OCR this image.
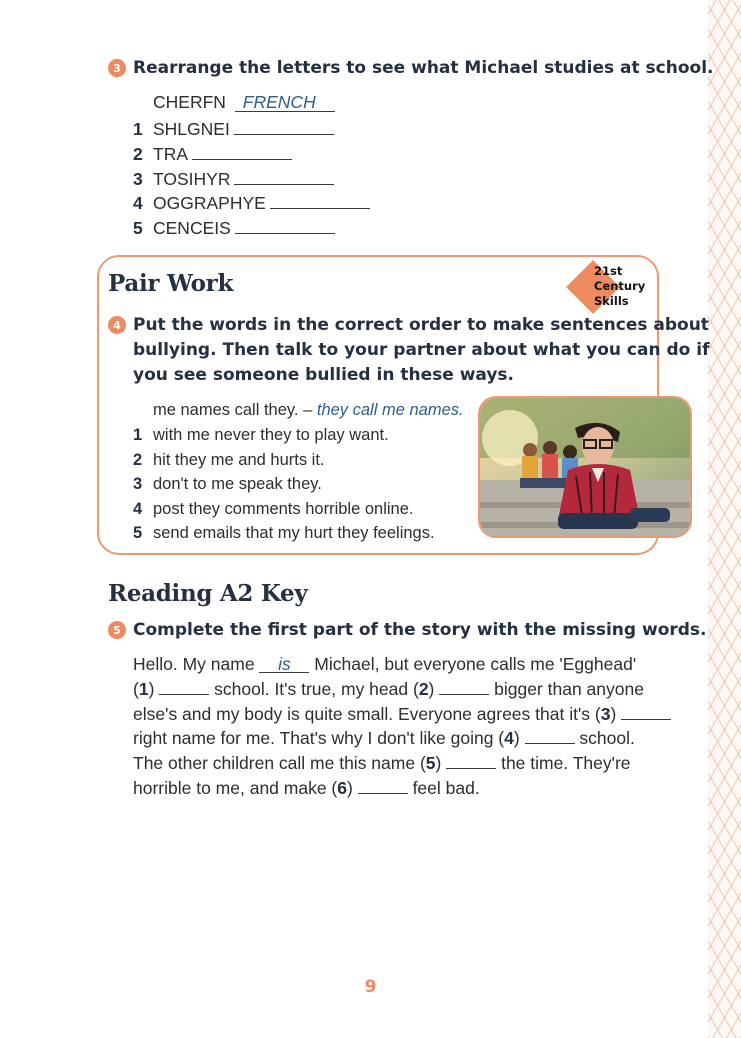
3 Rearrange the letters to see what Michael studies at school.
CHERFN FRENCH
1 SHLGNEI
2 TRA
3 TOSIHYR
4 OGGRAPHYE
5 CENCEIS
Pair Work	21st
Century
Skills
4 Put the words in the correct order to make sentences about
bullying. Then talk to your partner about what you can do if
you see someone bullied in these ways.
me names call they. – they call me names.
1 with me never they to play want.
2 hit they me and hurts it.
3 don't to me speak they.
4 post they comments horrible online.
5 send emails that my hurt they feelings.
Reading A2 Key
5 Complete the first part of the story with the missing words.
Hello. My name is Michael, but everyone calls me 'Egghead'
(1)	school. It's true, my head (2)	bigger than anyone
else's and my body is quite small. Everyone agrees that it's (3)
right name for me. That's why I don't like going (4)	school.
The other children call me this name (5)	the time. They're
horrible to me, and make (6)	feel bad.
9
